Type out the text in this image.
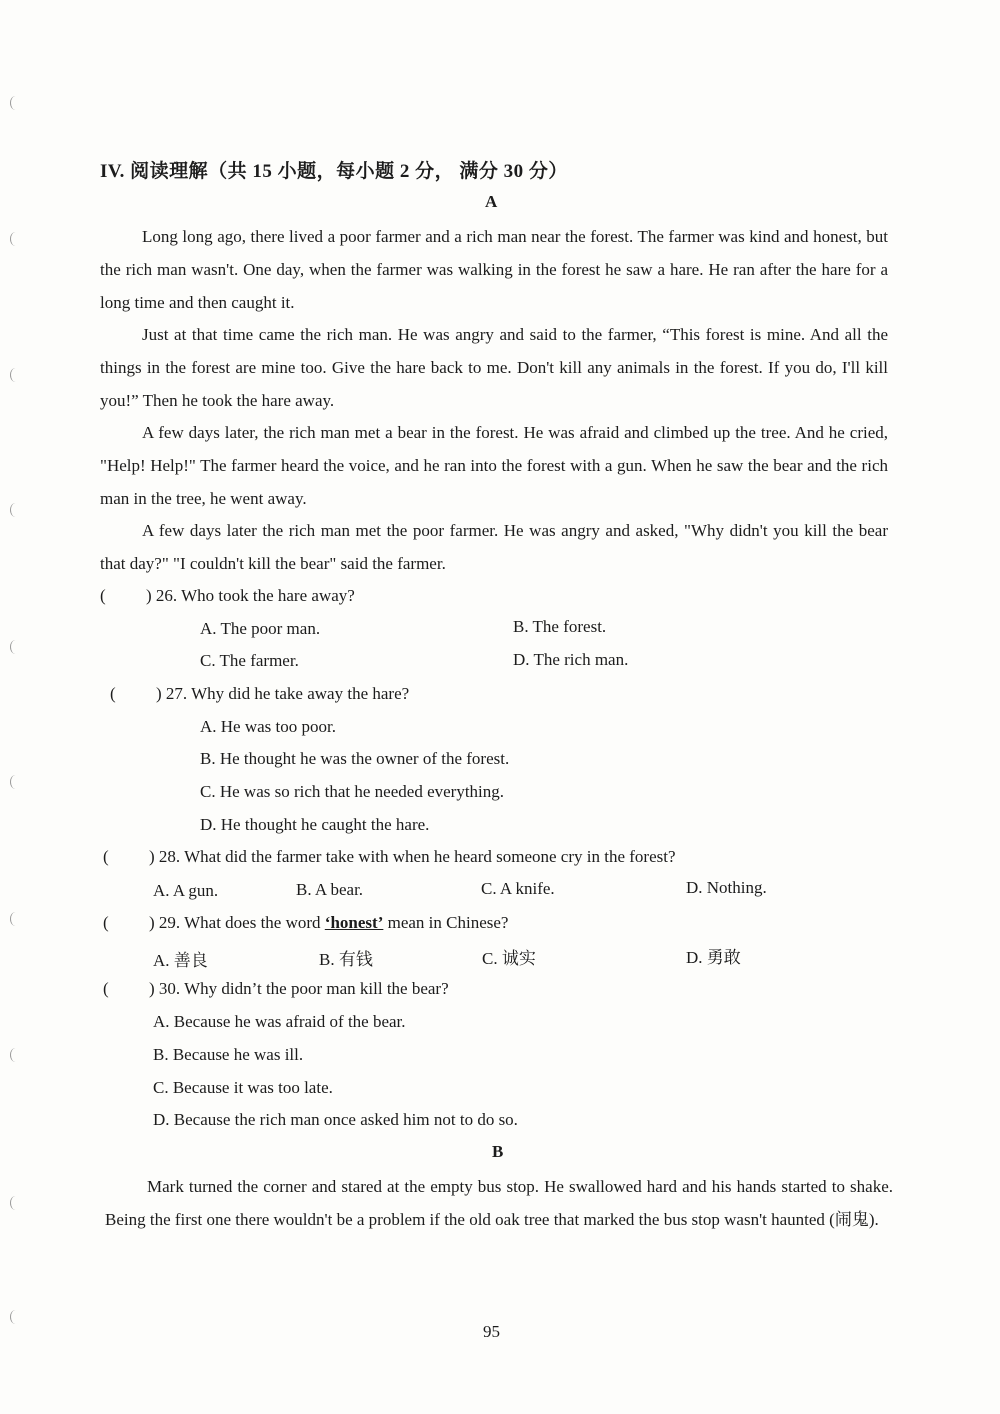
IV. 阅读理解（共 15 小题，每小题 2 分， 满分 30 分）
A
Long long ago, there lived a poor farmer and a rich man near the forest. The farmer was kind and honest, but the rich man wasn't. One day, when the farmer was walking in the forest he saw a hare. He ran after the hare for a long time and then caught it.
Just at that time came the rich man. He was angry and said to the farmer, “This forest is mine. And all the things in the forest are mine too. Give the hare back to me. Don't kill any animals in the forest. If you do, I'll kill you!” Then he took the hare away.
A few days later, the rich man met a bear in the forest. He was afraid and climbed up the tree. And he cried, "Help! Help!" The farmer heard the voice, and he ran into the forest with a gun. When he saw the bear and the rich man in the tree, he went away.
A few days later the rich man met the poor farmer. He was angry and asked, "Why didn't you kill the bear that day?" "I couldn't kill the bear" said the farmer.
( ) 26. Who took the hare away?
A. The poor man.	B. The forest.
C. The farmer.	D. The rich man.
( ) 27. Why did he take away the hare?
A. He was too poor.
B. He thought he was the owner of the forest.
C. He was so rich that he needed everything.
D. He thought he caught the hare.
( ) 28. What did the farmer take with when he heard someone cry in the forest?
A. A gun.	B. A bear.	C. A knife.	D. Nothing.
( ) 29. What does the word ‘honest’ mean in Chinese?
A. 善良	B. 有钱	C. 诚实	D. 勇敢
( ) 30. Why didn’t the poor man kill the bear?
A. Because he was afraid of the bear.
B. Because he was ill.
C. Because it was too late.
D. Because the rich man once asked him not to do so.
B
Mark turned the corner and stared at the empty bus stop. He swallowed hard and his hands started to shake. Being the first one there wouldn't be a problem if the old oak tree that marked the bus stop wasn't haunted (闹鬼).
95
